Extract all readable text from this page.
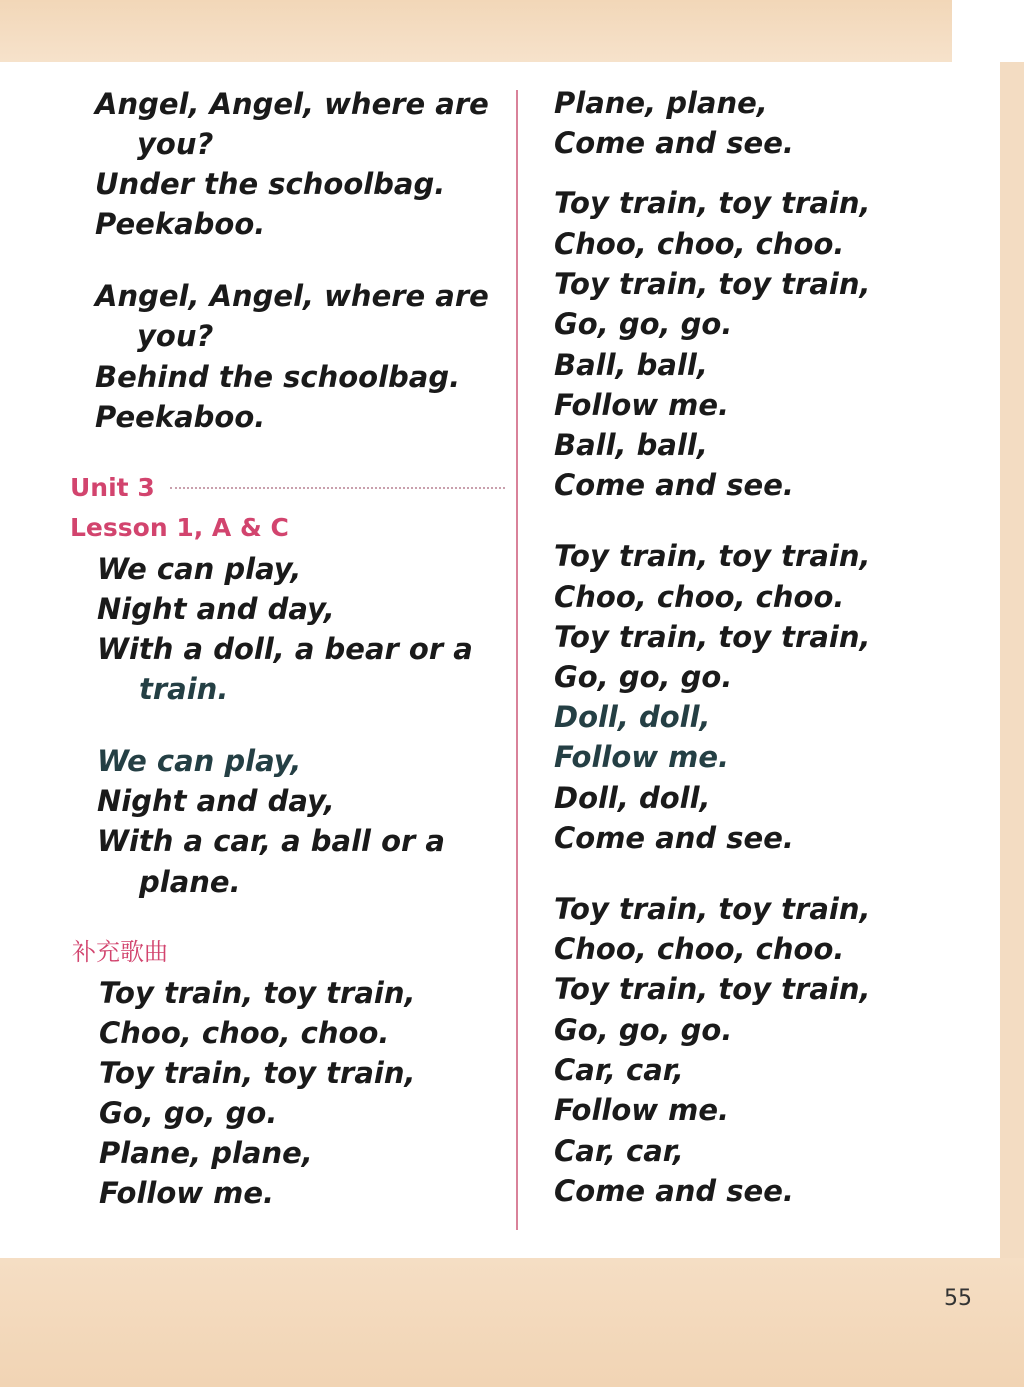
Angel, Angel, where are
you?
Under the schoolbag.
Peekaboo.
Angel, Angel, where are
you?
Behind the schoolbag.
Peekaboo.
Unit 3
Lesson 1, A & C
We can play,
Night and day,
With a doll, a bear or a
train.
We can play,
Night and day,
With a car, a ball or a
plane.
补充歌曲
Toy train, toy train,
Choo, choo, choo.
Toy train, toy train,
Go, go, go.
Plane, plane,
Follow me.
Plane, plane,
Come and see.
Toy train, toy train,
Choo, choo, choo.
Toy train, toy train,
Go, go, go.
Ball, ball,
Follow me.
Ball, ball,
Come and see.
Toy train, toy train,
Choo, choo, choo.
Toy train, toy train,
Go, go, go.
Doll, doll,
Follow me.
Doll, doll,
Come and see.
Toy train, toy train,
Choo, choo, choo.
Toy train, toy train,
Go, go, go.
Car, car,
Follow me.
Car, car,
Come and see.
55
